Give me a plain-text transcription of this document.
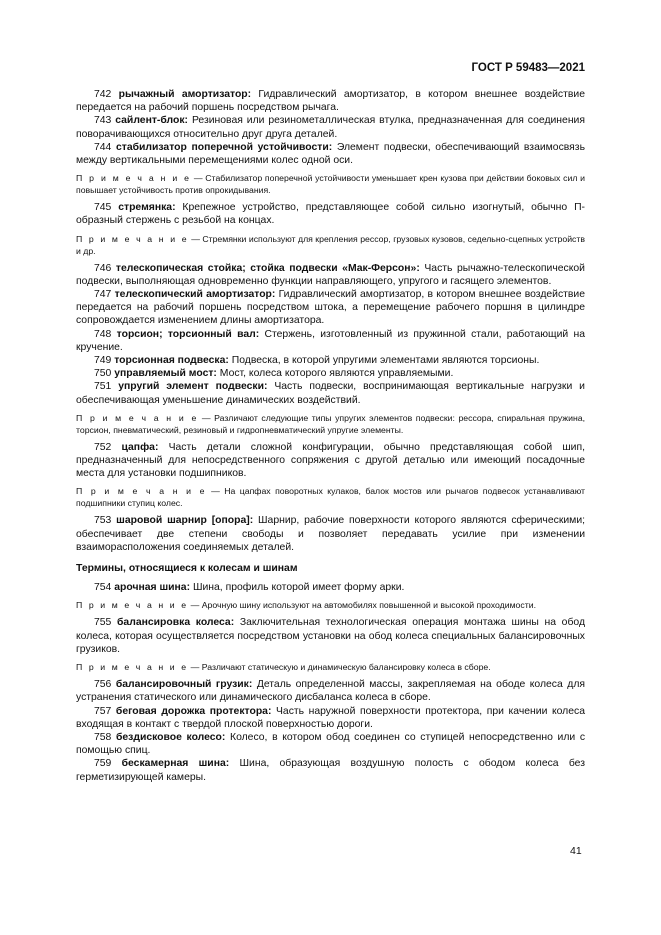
ГОСТ Р 59483—2021

742 рычажный амортизатор: Гидравлический амортизатор, в котором внешнее воздействие передается на рабочий поршень посредством рычага.

743 сайлент-блок: Резиновая или резинометаллическая втулка, предназначенная для соединения поворачивающихся относительно друг друга деталей.

744 стабилизатор поперечной устойчивости: Элемент подвески, обеспечивающий взаимосвязь между вертикальными перемещениями колес одной оси.

П р и м е ч а н и е — Стабилизатор поперечной устойчивости уменьшает крен кузова при действии боковых сил и повышает устойчивость против опрокидывания.

745 стремянка: Крепежное устройство, представляющее собой сильно изогнутый, обычно П-образный стержень с резьбой на концах.

П р и м е ч а н и е — Стремянки используют для крепления рессор, грузовых кузовов, седельно-сцепных устройств и др.

746 телескопическая стойка; стойка подвески «Мак-Ферсон»: Часть рычажно-телескопической подвески, выполняющая одновременно функции направляющего, упругого и гасящего элементов.

747 телескопический амортизатор: Гидравлический амортизатор, в котором внешнее воздействие передается на рабочий поршень посредством штока, а перемещение рабочего поршня в цилиндре сопровождается изменением длины амортизатора.

748 торсион; торсионный вал: Стержень, изготовленный из пружинной стали, работающий на кручение.

749 торсионная подвеска: Подвеска, в которой упругими элементами являются торсионы.

750 управляемый мост: Мост, колеса которого являются управляемыми.

751 упругий элемент подвески: Часть подвески, воспринимающая вертикальные нагрузки и обеспечивающая уменьшение динамических воздействий.

П р и м е ч а н и е — Различают следующие типы упругих элементов подвески: рессора, спиральная пружина, торсион, пневматический, резиновый и гидропневматический упругие элементы.

752 цапфа: Часть детали сложной конфигурации, обычно представляющая собой шип, предназначенный для непосредственного сопряжения с другой деталью или имеющий посадочные места для установки подшипников.

П р и м е ч а н и е — На цапфах поворотных кулаков, балок мостов или рычагов подвесок устанавливают подшипники ступиц колес.

753 шаровой шарнир [опора]: Шарнир, рабочие поверхности которого являются сферическими; обеспечивает две степени свободы и позволяет передавать усилие при изменении взаиморасположения соединяемых деталей.

Термины, относящиеся к колесам и шинам

754 арочная шина: Шина, профиль которой имеет форму арки.

П р и м е ч а н и е — Арочную шину используют на автомобилях повышенной и высокой проходимости.

755 балансировка колеса: Заключительная технологическая операция монтажа шины на обод колеса, которая осуществляется посредством установки на обод колеса специальных балансировочных грузиков.

П р и м е ч а н и е — Различают статическую и динамическую балансировку колеса в сборе.

756 балансировочный грузик: Деталь определенной массы, закрепляемая на ободе колеса для устранения статического или динамического дисбаланса колеса в сборе.

757 беговая дорожка протектора: Часть наружной поверхности протектора, при качении колеса входящая в контакт с твердой плоской поверхностью дороги.

758 бездисковое колесо: Колесо, в котором обод соединен со ступицей непосредственно или с помощью спиц.

759 бескамерная шина: Шина, образующая воздушную полость с ободом колеса без герметизирующей камеры.

41
